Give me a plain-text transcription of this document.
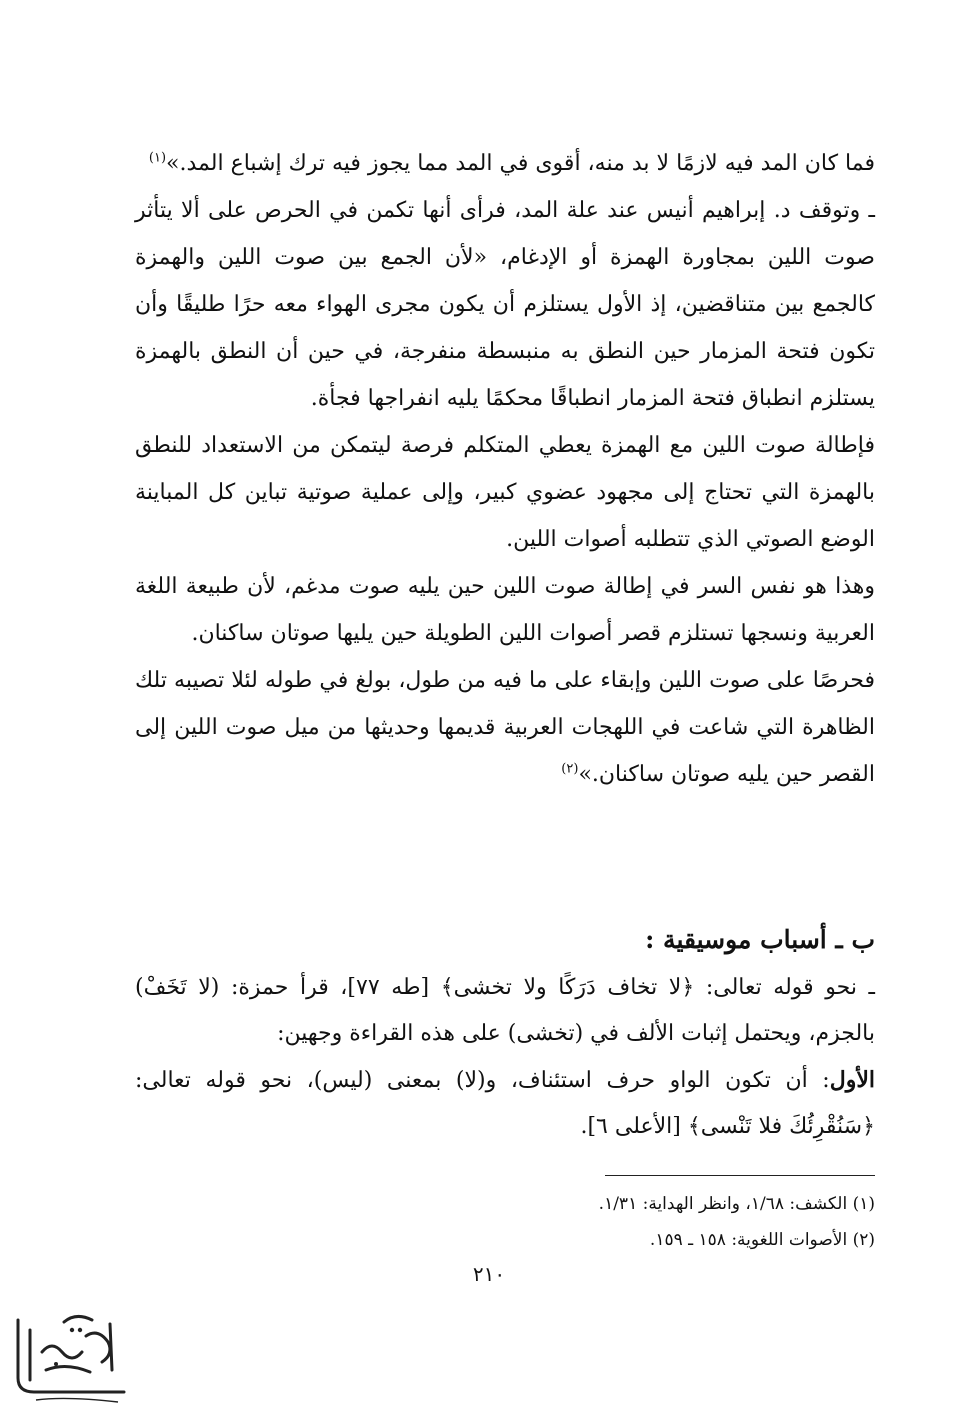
فما كان المد فيه لازمًا لا بد منه، أقوى في المد مما يجوز فيه ترك إشباع المد.»$^{(١)}$

ـ وتوقف د. إبراهيم أنيس عند علة المد، فرأى أنها تكمن في الحرص على ألا يتأثر صوت اللين بمجاورة الهمزة أو الإدغام، «لأن الجمع بين صوت اللين والهمزة كالجمع بين متناقضين، إذ الأول يستلزم أن يكون مجرى الهواء معه حرًا طليقًا وأن تكون فتحة المزمار حين النطق به منبسطة منفرجة، في حين أن النطق بالهمزة يستلزم انطباق فتحة المزمار انطباقًا محكمًا يليه انفراجها فجأة.

فإطالة صوت اللين مع الهمزة يعطي المتكلم فرصة ليتمكن من الاستعداد للنطق بالهمزة التي تحتاج إلى مجهود عضوي كبير، وإلى عملية صوتية تباين كل المباينة الوضع الصوتي الذي تتطلبه أصوات اللين.

وهذا هو نفس السر في إطالة صوت اللين حين يليه صوت مدغم، لأن طبيعة اللغة العربية ونسجها تستلزم قصر أصوات اللين الطويلة حين يليها صوتان ساكنان.

فحرصًا على صوت اللين وإبقاء على ما فيه من طول، بولغ في طوله لئلا تصيبه تلك الظاهرة التي شاعت في اللهجات العربية قديمها وحديثها من ميل صوت اللين إلى القصر حين يليه صوتان ساكنان.»$^{(٢)}$

ب ـ أسباب موسيقية :

ـ نحو قوله تعالى: ﴿لا تخاف دَرَكًا ولا تخشى﴾ [طه ٧٧]، قرأ حمزة: (لا تَخَفْ) بالجزم، ويحتمل إثبات الألف في (تخشى) على هذه القراءة وجهين:

الأول: أن تكون الواو حرف استئناف، و(لا) بمعنى (ليس)، نحو قوله تعالى: ﴿سَنُقْرِئُكَ فلا تَنْسى﴾ [الأعلى ٦].

(١) الكشف: ١/٦٨، وانظر الهداية: ١/٣١.
(٢) الأصوات اللغوية: ١٥٨ ـ ١٥٩.
٢١٠
